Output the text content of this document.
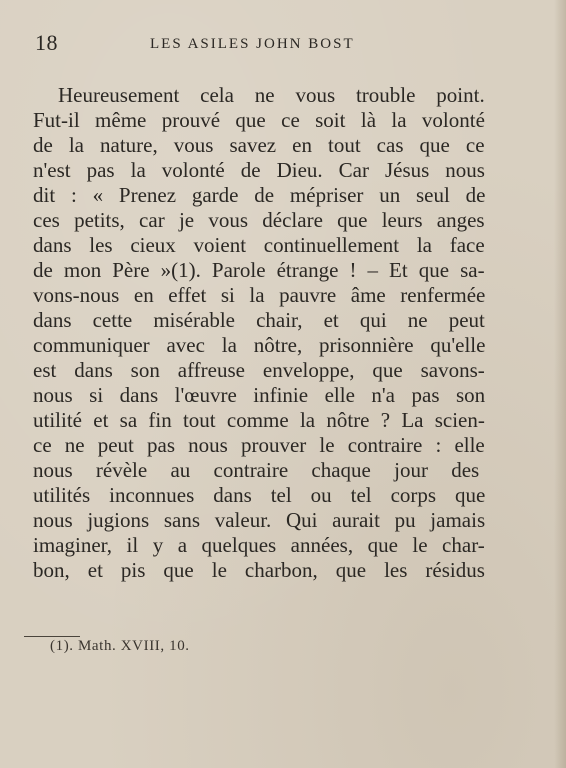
18	LES ASILES JOHN BOST
Heureusement cela ne vous trouble point.
Fut-il même prouvé que ce soit là la volonté
de la nature, vous savez en tout cas que ce
n'est pas la volonté de Dieu. Car Jésus nous
dit : « Prenez garde de mépriser un seul de
ces petits, car je vous déclare que leurs anges
dans les cieux voient continuellement la face
de mon Père »(1). Parole étrange ! – Et que sa-
vons-nous en effet si la pauvre âme renfermée
dans cette misérable chair, et qui ne peut
communiquer avec la nôtre, prisonnière qu'elle
est dans son affreuse enveloppe, que savons-
nous si dans l'œuvre infinie elle n'a pas son
utilité et sa fin tout comme la nôtre ? La scien-
ce ne peut pas nous prouver le contraire : elle
nous révèle au contraire chaque jour des
utilités inconnues dans tel ou tel corps que
nous jugions sans valeur. Qui aurait pu jamais
imaginer, il y a quelques années, que le char-
bon, et pis que le charbon, que les résidus
(1). Math. XVIII, 10.
